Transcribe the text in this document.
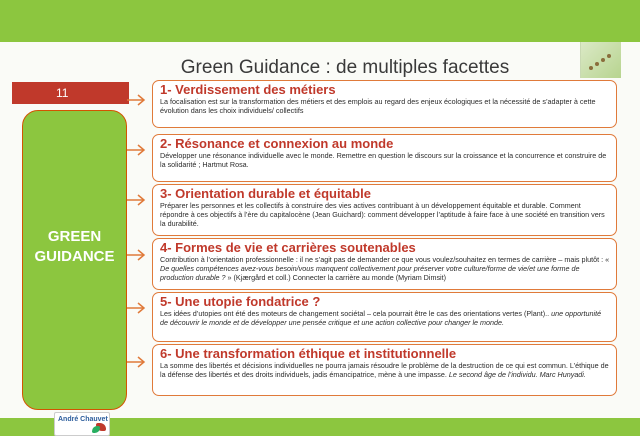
Green Guidance : de multiples facettes
11
GREEN
GUIDANCE
André Chauvet
1- Verdissement des métiers
La focalisation est sur la transformation des métiers et des emplois au regard des enjeux écologiques et la nécessité de s’adapter à cette évolution dans les choix individuels/ collectifs
2- Résonance et connexion au monde
Développer une résonance individuelle avec le monde. Remettre en question le discours sur la croissance et la concurrence et construire de la solidarité ; Hartmut Rosa.
3- Orientation durable et équitable
Préparer les personnes et les collectifs à construire des vies actives contribuant à un développement équitable et durable. Comment répondre à ces objectifs à l’ère du capitalocène (Jean Guichard): comment développer l’aptitude à faire face à une société en transition vers la durabilité.
4- Formes de vie et carrières soutenables
Contribution à l’orientation professionnelle : il ne s’agit pas de demander ce que vous voulez/souhaitez en termes de carrière – mais plutôt : « De quelles compétences avez-vous besoin/vous manquent collectivement pour préserver votre culture/forme de vie/et une forme de production durable ? » (Kjærgård et coll.) Connecter la carrière au monde (Myriam Dimsit)
5- Une utopie fondatrice ?
Les idées d’utopies ont été des moteurs de changement sociétal – cela pourrait être le cas des orientations vertes (Plant).. une opportunité de découvrir le monde et de développer une pensée critique et une action collective pour changer le monde.
6- Une transformation éthique et institutionnelle
La somme des libertés et décisions individuelles ne pourra jamais résoudre le problème de la destruction de ce qui est commun. L’éthique de la défense des libertés et des droits individuels, jadis émancipatrice, mène à une impasse. Le second âge de l’individu. Marc Hunyadi.
